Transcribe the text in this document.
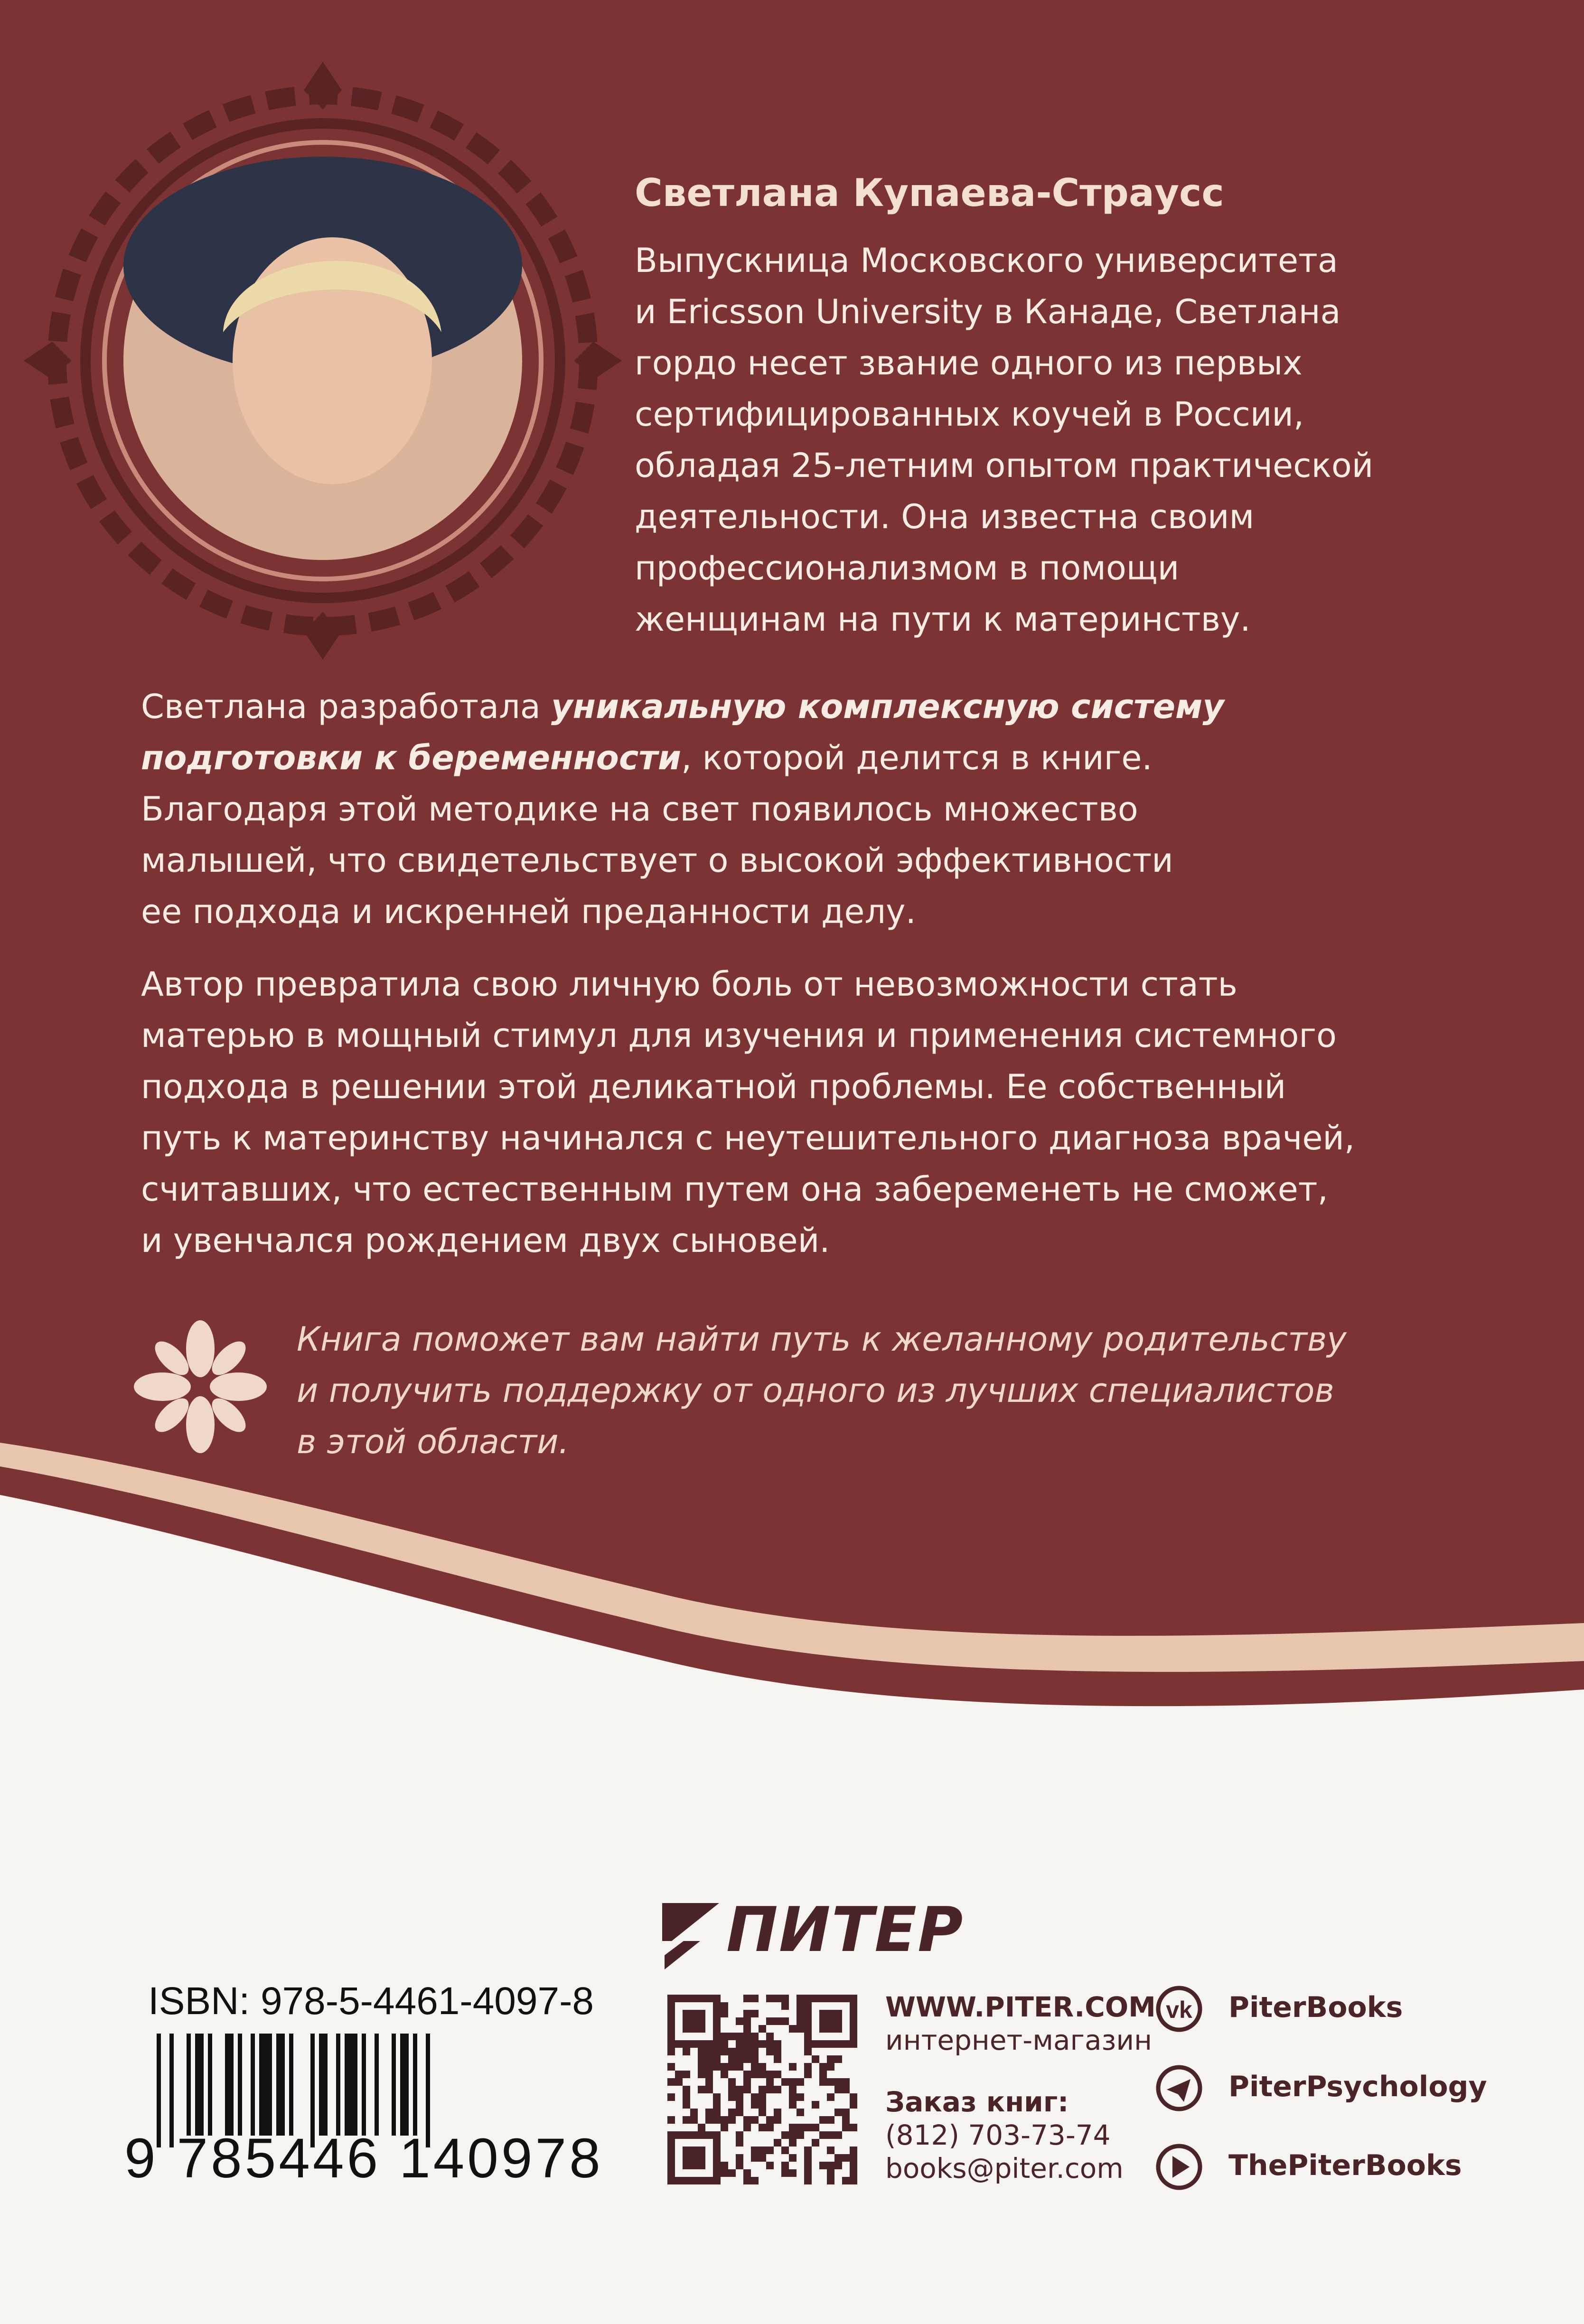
vk
Светлана Купаева-Страусс
Выпускница Московского университета
и Ericsson University в Канаде, Светлана
гордо несет звание одного из первых
сертифицированных коучей в России,
обладая 25-летним опытом практической
деятельности. Она известна своим
профессионализмом в помощи
женщинам на пути к материнству.
Светлана разработала уникальную комплексную систему
подготовки к беременности, которой делится в книге.
Благодаря этой методике на свет появилось множество
малышей, что свидетельствует о высокой эффективности
ее подхода и искренней преданности делу.
Автор превратила свою личную боль от невозможности стать
матерью в мощный стимул для изучения и применения системного
подхода в решении этой деликатной проблемы. Ее собственный
путь к материнству начинался с неутешительного диагноза врачей,
считавших, что естественным путем она забеременеть не сможет,
и увенчался рождением двух сыновей.
Книга поможет вам найти путь к желанному родительству
и получить поддержку от одного из лучших специалистов
в этой области.
ПИТЕР
ISBN: 978-5-4461-4097-8
9 785446 140978
WWW.PITER.COM
интернет-магазин
Заказ книг:
(812) 703-73-74
books@piter.com
PiterBooks
PiterPsychology
ThePiterBooks
